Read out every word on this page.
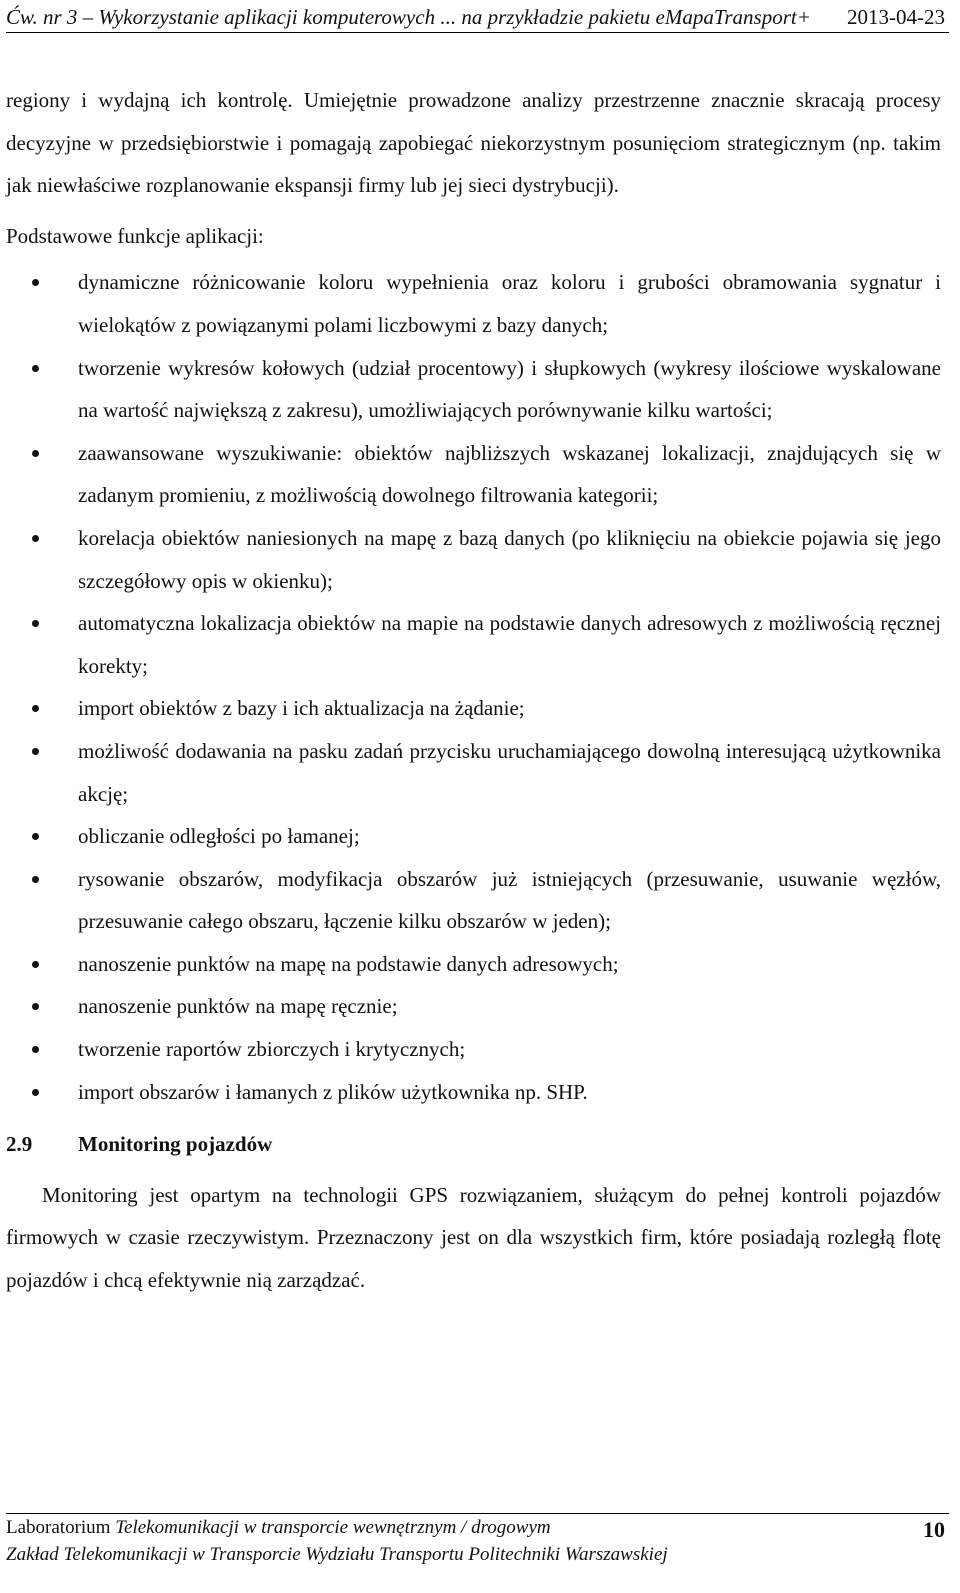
Ćw. nr 3 – Wykorzystanie aplikacji komputerowych ... na przykładzie pakietu eMapaTransport+ 2013-04-23

regiony i wydajną ich kontrolę. Umiejętnie prowadzone analizy przestrzenne znacznie skracają procesy decyzyjne w przedsiębiorstwie i pomagają zapobiegać niekorzystnym posunięciom strategicznym (np. takim jak niewłaściwe rozplanowanie ekspansji firmy lub jej sieci dystrybucji).

Podstawowe funkcje aplikacji:

dynamiczne różnicowanie koloru wypełnienia oraz koloru i grubości obramowania sygnatur i wielokątów z powiązanymi polami liczbowymi z bazy danych;
tworzenie wykresów kołowych (udział procentowy) i słupkowych (wykresy ilościowe wyskalowane na wartość największą z zakresu), umożliwiających porównywanie kilku wartości;
zaawansowane wyszukiwanie: obiektów najbliższych wskazanej lokalizacji, znajdujących się w zadanym promieniu, z możliwością dowolnego filtrowania kategorii;
korelacja obiektów naniesionych na mapę z bazą danych (po kliknięciu na obiekcie pojawia się jego szczegółowy opis w okienku);
automatyczna lokalizacja obiektów na mapie na podstawie danych adresowych z możliwością ręcznej korekty;
import obiektów z bazy i ich aktualizacja na żądanie;
możliwość dodawania na pasku zadań przycisku uruchamiającego dowolną interesującą użytkownika akcję;
obliczanie odległości po łamanej;
rysowanie obszarów, modyfikacja obszarów już istniejących (przesuwanie, usuwanie węzłów, przesuwanie całego obszaru, łączenie kilku obszarów w jeden);
nanoszenie punktów na mapę na podstawie danych adresowych;
nanoszenie punktów na mapę ręcznie;
tworzenie raportów zbiorczych i krytycznych;
import obszarów i łamanych z plików użytkownika np. SHP.
2.9 Monitoring pojazdów

Monitoring jest opartym na technologii GPS rozwiązaniem, służącym do pełnej kontroli pojazdów firmowych w czasie rzeczywistym. Przeznaczony jest on dla wszystkich firm, które posiadają rozległą flotę pojazdów i chcą efektywnie nią zarządzać.

Laboratorium Telekomunikacji w transporcie wewnętrznym / drogowym	10
Zakład Telekomunikacji w Transporcie Wydziału Transportu Politechniki Warszawskiej
